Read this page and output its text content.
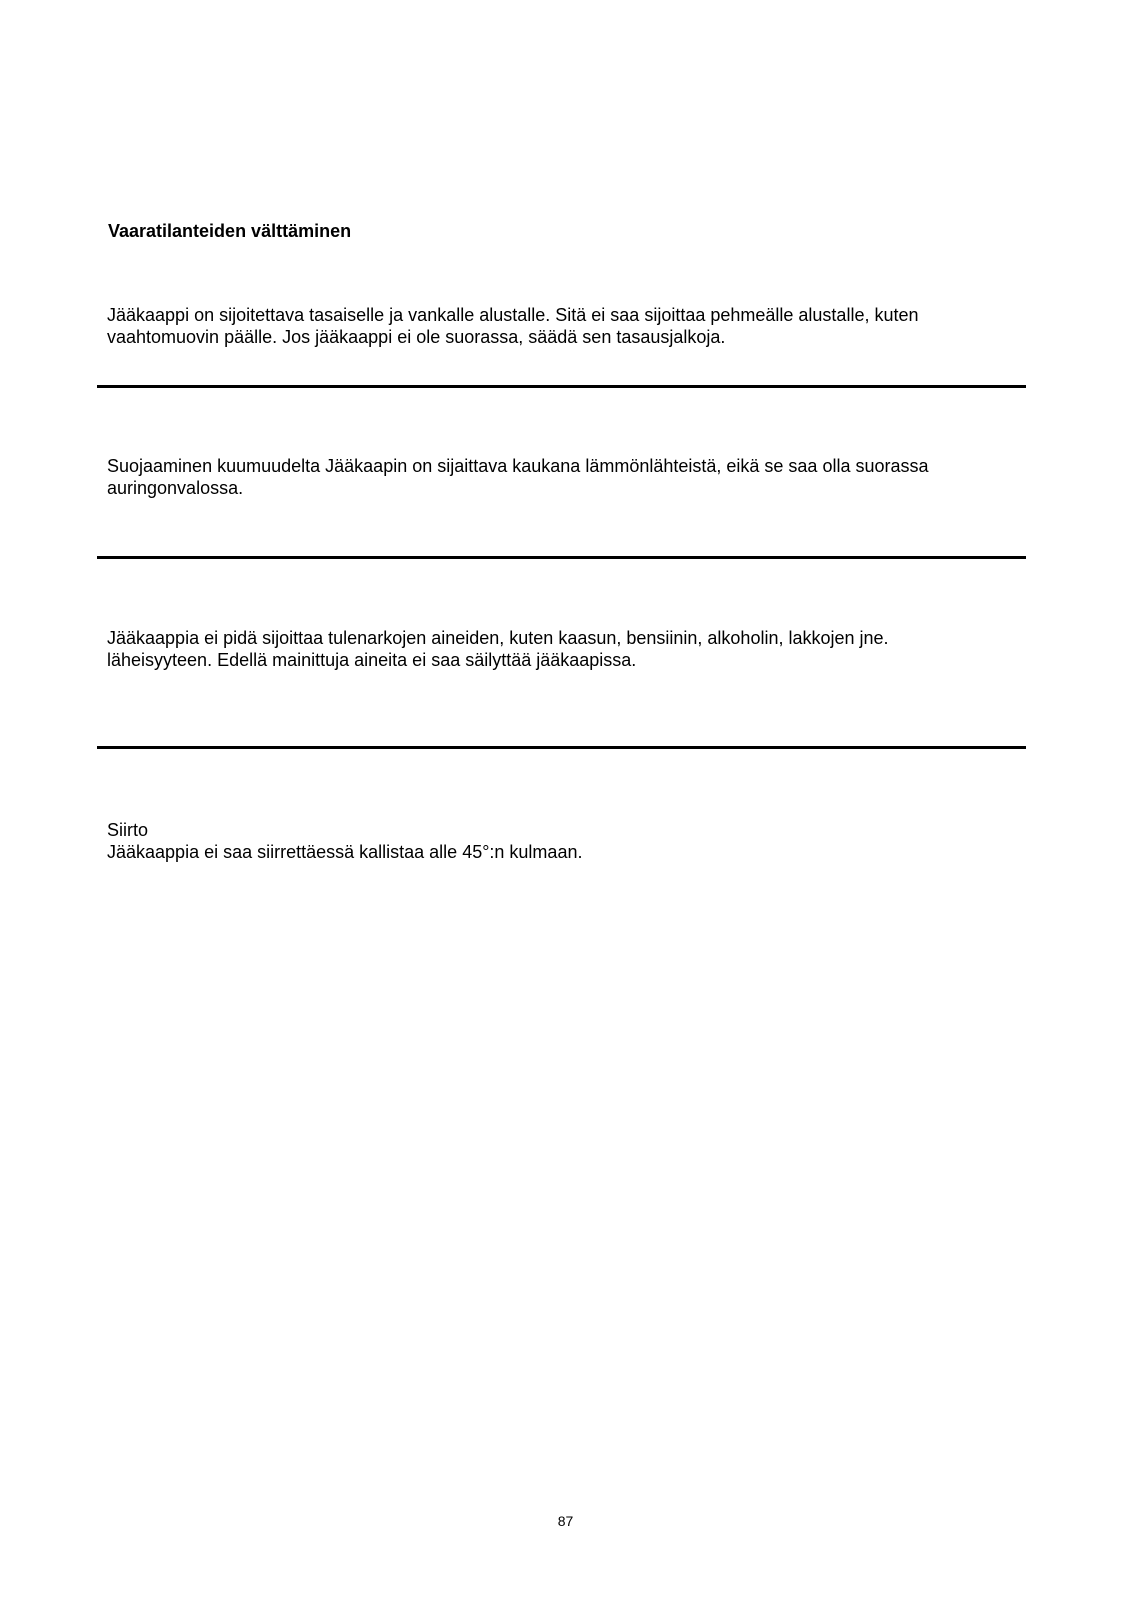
Vaaratilanteiden välttäminen

Jääkaappi on sijoitettava tasaiselle ja vankalle alustalle. Sitä ei saa sijoittaa pehmeälle alustalle, kuten
vaahtomuovin päälle. Jos jääkaappi ei ole suorassa, säädä sen tasausjalkoja.

Suojaaminen kuumuudelta Jääkaapin on sijaittava kaukana lämmönlähteistä, eikä se saa olla suorassa
auringonvalossa.

Jääkaappia ei pidä sijoittaa tulenarkojen aineiden, kuten kaasun, bensiinin, alkoholin, lakkojen jne.
läheisyyteen. Edellä mainittuja aineita ei saa säilyttää jääkaapissa.

Siirto
Jääkaappia ei saa siirrettäessä kallistaa alle 45°:n kulmaan.

87
